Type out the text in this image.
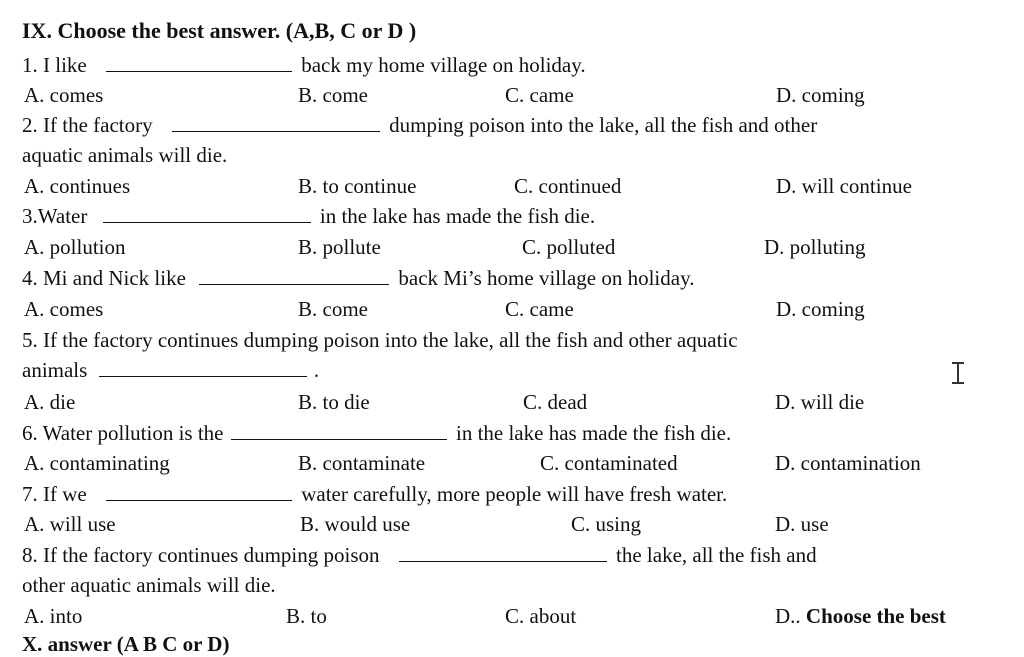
IX. Choose the best answer. (A,B, C or D )
1. I like	back my home village on holiday.
A. comes	B. come	C. came	D. coming
2. If the factory	dumping poison into the lake, all the fish and other
aquatic animals will die.
A. continues	B. to continue	C. continued	D. will continue
3.Water	in the lake has made the fish die.
A. pollution	B. pollute	C. polluted	D. polluting
4. Mi and Nick like	back Mi’s home village on holiday.
A. comes	B. come	C. came	D. coming
5. If the factory continues dumping poison into the lake, all the fish and other aquatic
animals	.
A. die	B. to die	C. dead	D. will die
6. Water pollution is the	in the lake has made the fish die.
A. contaminating	B. contaminate	C. contaminated	D. contamination
7. If we	water carefully, more people will have fresh water.
A. will use	B. would use	C. using	D. use
8. If the factory continues dumping poison	the lake, all the fish and
other aquatic animals will die.
A. into	B. to	C. about	D.. Choose the best
X. answer (A B C or D)
